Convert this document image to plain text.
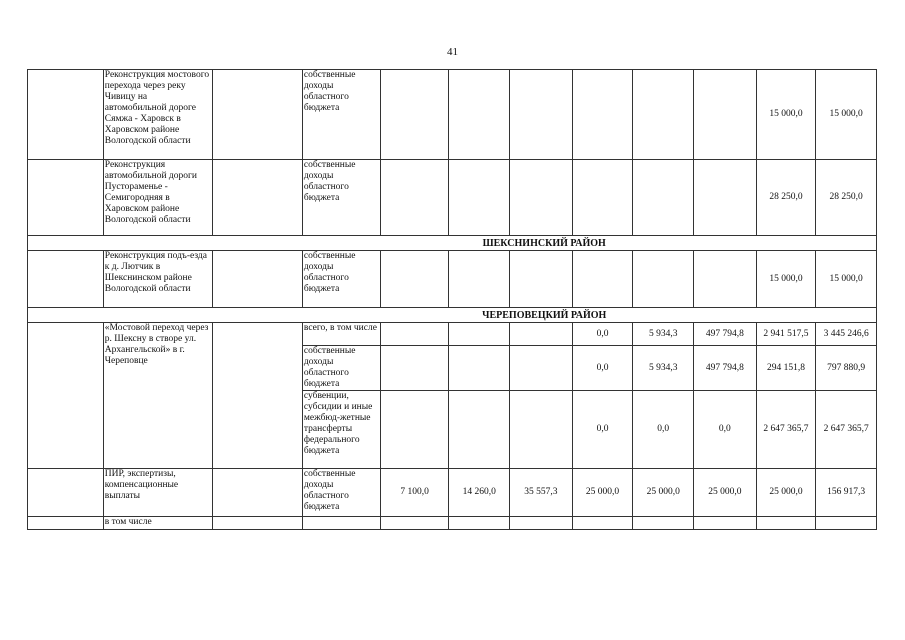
41
	Реконструкция мостового перехода через реку Чивицу на автомобильной дороге Сямжа - Харовск в Харовском районе Вологодской области		собственные доходы областного бюджета							15 000,0	15 000,0
	Реконструкция автомобильной дороги Пустораменье - Семигородняя в Харовском районе Вологодской области		собственные доходы областного бюджета							28 250,0	28 250,0
		ШЕКСНИНСКИЙ РАЙОН									
	Реконструкция подъ-езда к д. Лютчик в Шекснинском районе Вологодской области		собственные доходы областного бюджета							15 000,0	15 000,0
		ЧЕРЕПОВЕЦКИЙ РАЙОН									
	«Мостовой переход через р. Шексну в створе ул. Архангельской» в г. Череповце		всего, в том числе				0,0	5 934,3	497 794,8	2 941 517,5	3 445 246,6
			собственные доходы областного бюджета				0,0	5 934,3	497 794,8	294 151,8	797 880,9
			субвенции, субсидии и иные межбюд-жетные трансферты федерального бюджета				0,0	0,0	0,0	2 647 365,7	2 647 365,7
	ПИР, экспертизы, компенсационные выплаты		собственные доходы областного бюджета	7 100,0	14 260,0	35 557,3	25 000,0	25 000,0	25 000,0	25 000,0	156 917,3
	в том числе										
